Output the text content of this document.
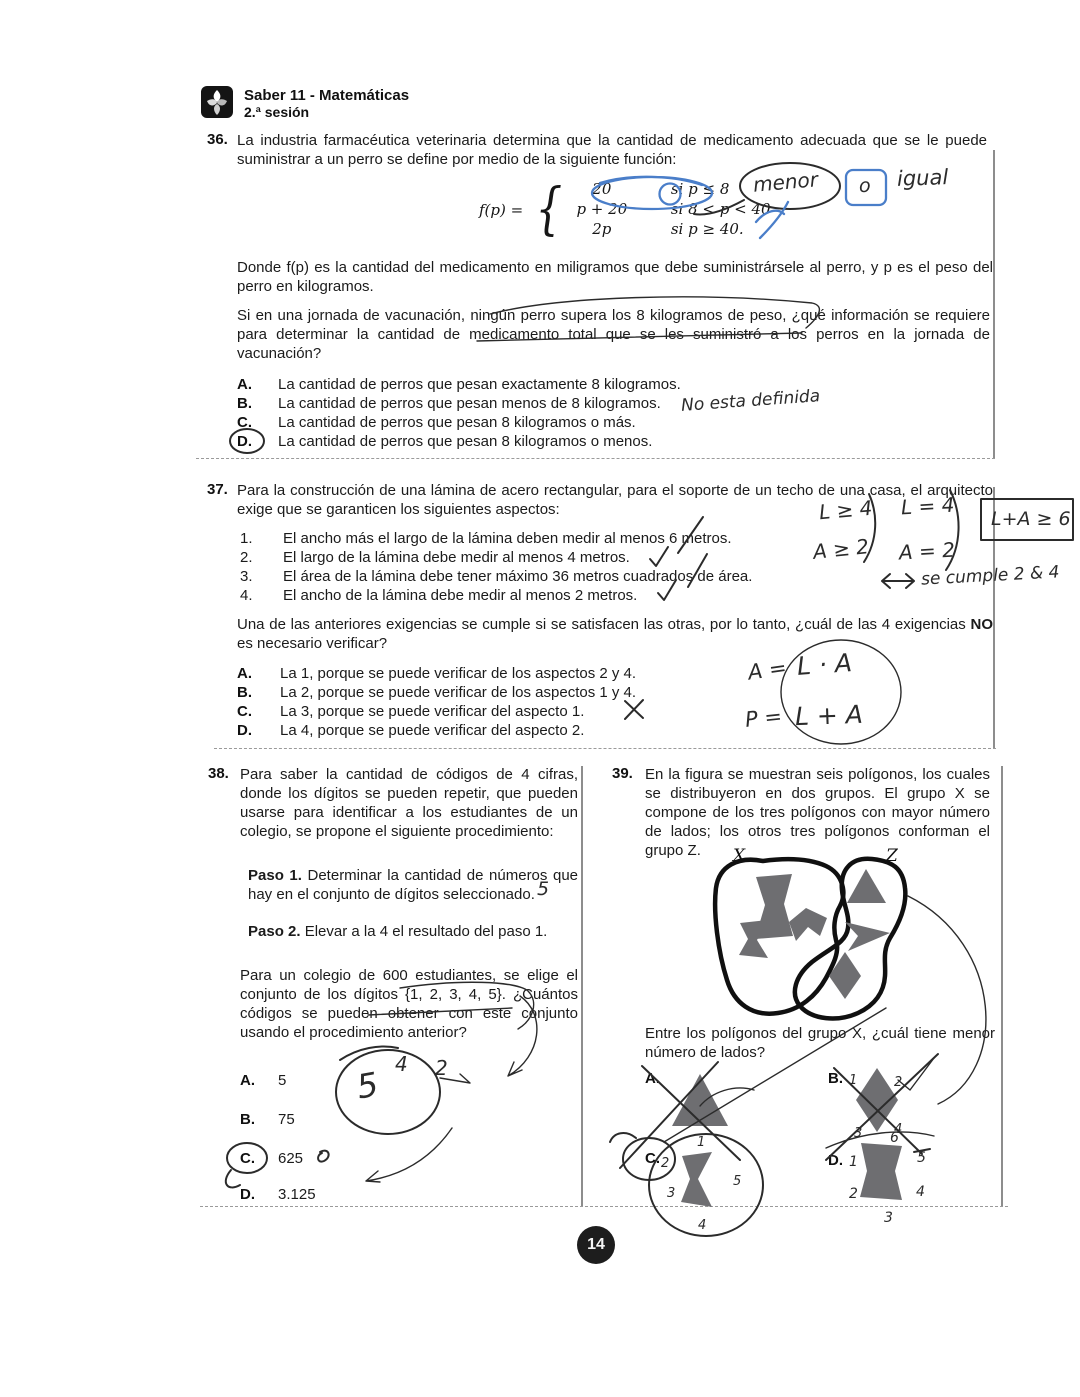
Saber 11 - Matemáticas
2.ª sesión
36. La industria farmacéutica veterinaria determina que la cantidad de medicamento adecuada que se le puede suministrar a un perro se define por medio de la siguiente función:
f(p) = {	20	si p ≤ 8
p + 20	si 8 < p < 40
2p	si p ≥ 40.
Donde f(p) es la cantidad del medicamento en miligramos que debe suministrársele al perro, y p es el peso del perro en kilogramos.
Si en una jornada de vacunación, ningún perro supera los 8 kilogramos de peso, ¿qué información se requiere para determinar la cantidad de medicamento total que se les suministró a los perros en la jornada de vacunación?
A. La cantidad de perros que pesan exactamente 8 kilogramos.
B. La cantidad de perros que pesan menos de 8 kilogramos.
C. La cantidad de perros que pesan 8 kilogramos o más.
D. La cantidad de perros que pesan 8 kilogramos o menos.
37. Para la construcción de una lámina de acero rectangular, para el soporte de un techo de una casa, el arquitecto exige que se garanticen los siguientes aspectos:
1. El ancho más el largo de la lámina deben medir al menos 6 metros.
2. El largo de la lámina debe medir al menos 4 metros.
3. El área de la lámina debe tener máximo 36 metros cuadrados de área.
4. El ancho de la lámina debe medir al menos 2 metros.
Una de las anteriores exigencias se cumple si se satisfacen las otras, por lo tanto, ¿cuál de las 4 exigencias NO es necesario verificar?
A. La 1, porque se puede verificar de los aspectos 2 y 4.
B. La 2, porque se puede verificar de los aspectos 1 y 4.
C. La 3, porque se puede verificar del aspecto 1.
D. La 4, porque se puede verificar del aspecto 2.
38. Para saber la cantidad de códigos de 4 cifras, donde los dígitos se pueden repetir, que pueden usarse para identificar a los estudiantes de un colegio, se propone el siguiente procedimiento:
Paso 1. Determinar la cantidad de números que hay en el conjunto de dígitos seleccionado.
Paso 2. Elevar a la 4 el resultado del paso 1.
Para un colegio de 600 estudiantes, se elige el conjunto de los dígitos {1, 2, 3, 4, 5}. ¿Cuántos códigos se pueden obtener con este conjunto usando el procedimiento anterior?
A. 5
B. 75
C. 625
D. 3.125
39. En la figura se muestran seis polígonos, los cuales se distribuyeron en dos grupos. El grupo X se compone de los tres polígonos con mayor número de lados; los otros tres polígonos conforman el grupo Z.	X	Z
Entre los polígonos del grupo X, ¿cuál tiene menor número de lados?
A.	B.
C.	D.
14
menor o igual
No esta definida
L ≥ 4
A ≥ 2
L = 4
A = 2
L+A ≥ 6
se cumple 2 & 4
A = L · A
P = L + A
5
5
4 2
1	2
3 4
1
2
3
4
5
1
2
3
4
5
6
